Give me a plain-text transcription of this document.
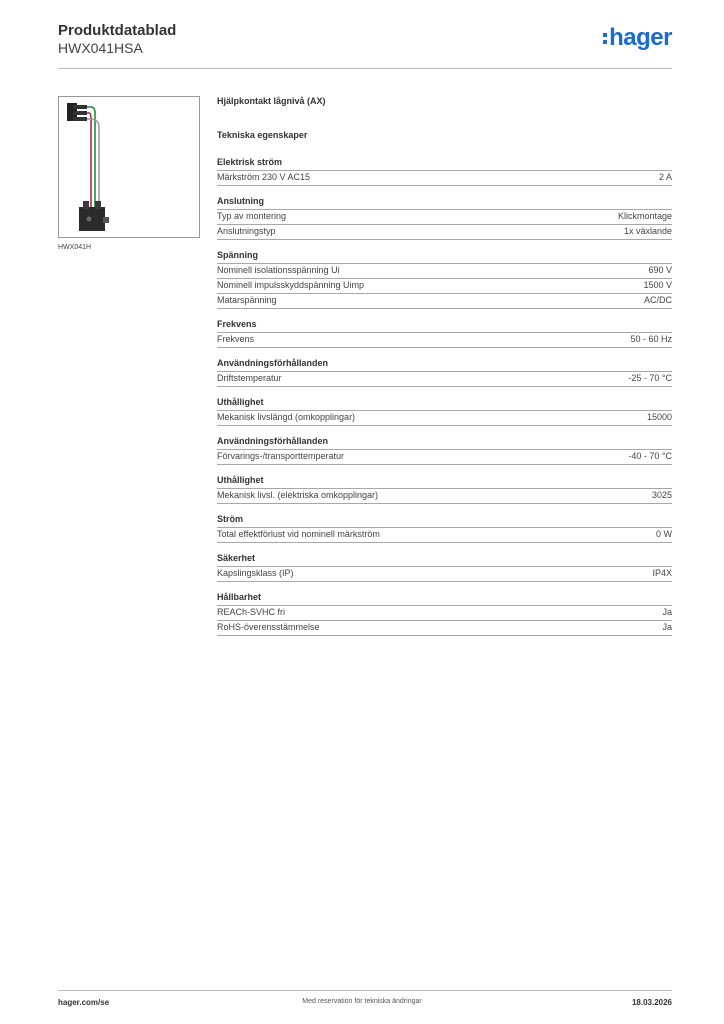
Produktdatablad
HWX041HSA	hager
HWX041H
Hjälpkontakt lågnivå (AX)
Tekniska egenskaper
Elektrisk ström
Märkström 230 V AC15	2 A
Anslutning
Typ av montering	Klickmontage
Anslutningstyp	1x växlande
Spänning
Nominell isolationsspänning Ui	690 V
Nominell impulsskyddspänning Uimp	1500 V
Matarspänning	AC/DC
Frekvens
Frekvens	50 - 60 Hz
Användningsförhållanden
Driftstemperatur	-25 - 70 °C
Uthållighet
Mekanisk livslängd (omkopplingar)	15000
Användningsförhållanden
Förvarings-/transporttemperatur	-40 - 70 °C
Uthållighet
Mekanisk livsl. (elektriska omkopplingar)	3025
Ström
Total effektförlust vid nominell märkström	0 W
Säkerhet
Kapslingsklass (IP)	IP4X
Hållbarhet
REACh-SVHC fri	Ja
RoHS-överensstämmelse	Ja
hager.com/se	Med reservation för tekniska ändringar	18.03.2026
